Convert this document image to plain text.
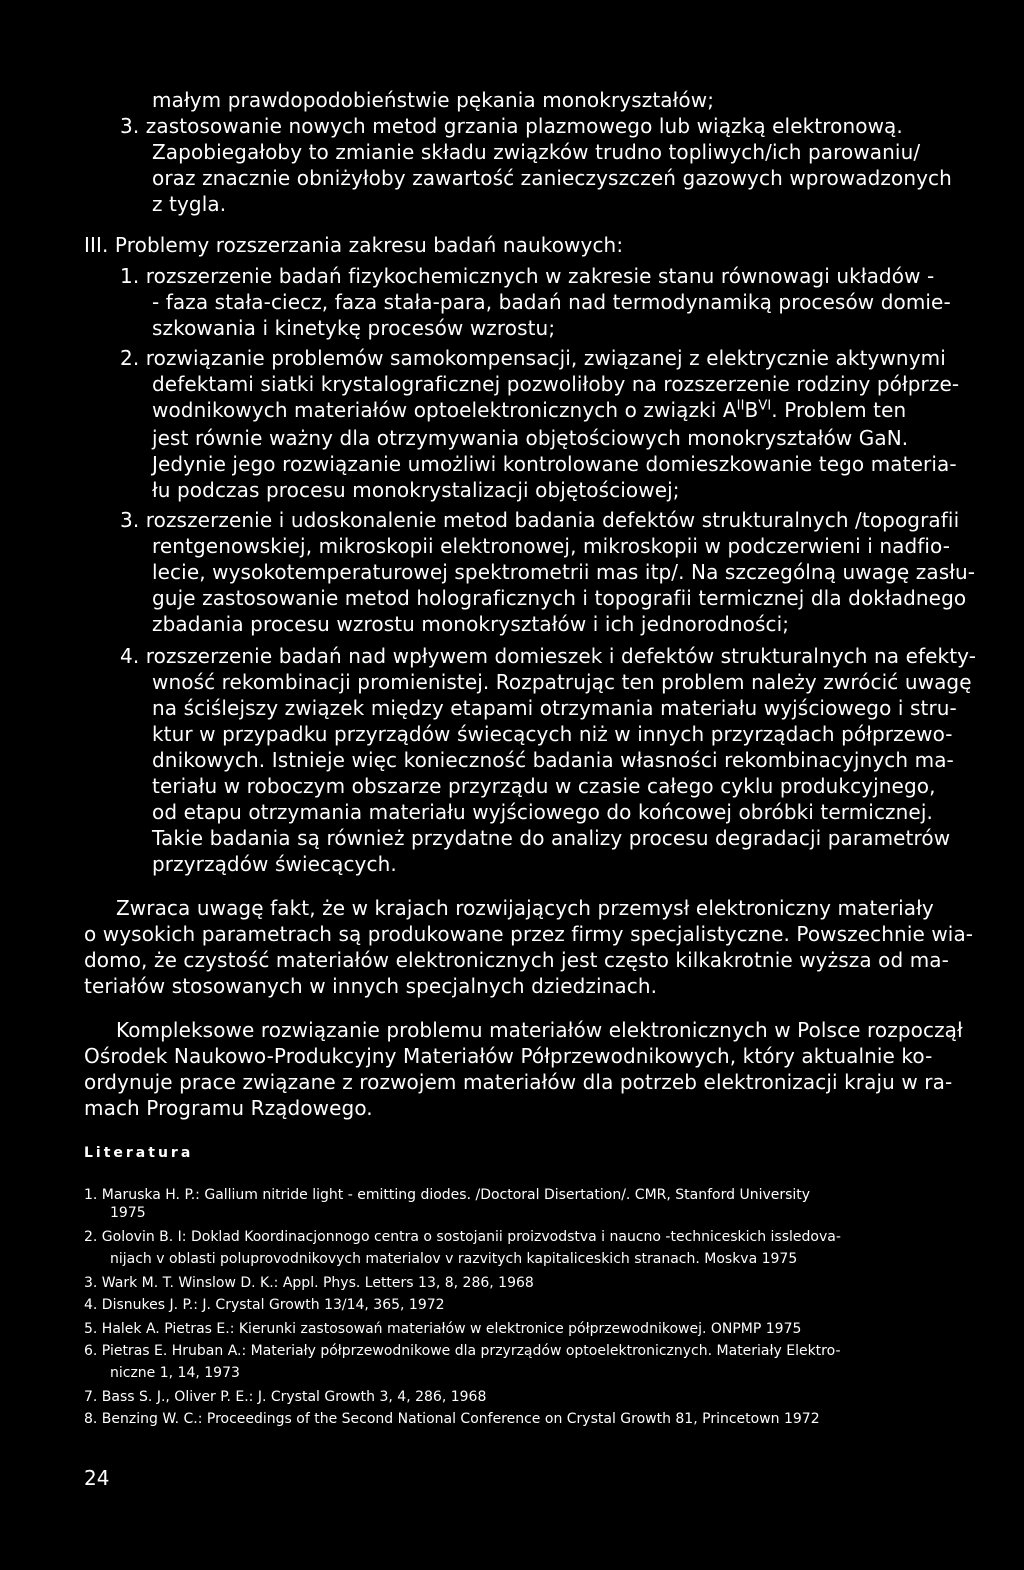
małym prawdopodobieństwie pękania monokryształów;
3. zastosowanie nowych metod grzania plazmowego lub wiązką elektronową.
Zapobiegałoby to zmianie składu związków trudno topliwych/ich parowaniu/
oraz znacznie obniżyłoby zawartość zanieczyszczeń gazowych wprowadzonych
z tygla.
III. Problemy rozszerzania zakresu badań naukowych:
1. rozszerzenie badań fizykochemicznych w zakresie stanu równowagi układów -
- faza stała-ciecz, faza stała-para, badań nad termodynamiką procesów domie-
szkowania i kinetykę procesów wzrostu;
2. rozwiązanie problemów samokompensacji, związanej z elektrycznie aktywnymi
defektami siatki krystalograficznej pozwoliłoby na rozszerzenie rodziny półprze-
wodnikowych materiałów optoelektronicznych o związki $A^{II}B^{VI}$. Problem ten
jest równie ważny dla otrzymywania objętościowych monokryształów GaN.
Jedynie jego rozwiązanie umożliwi kontrolowane domieszkowanie tego materia-
łu podczas procesu monokrystalizacji objętościowej;
3. rozszerzenie i udoskonalenie metod badania defektów strukturalnych /topografii
rentgenowskiej, mikroskopii elektronowej, mikroskopii w podczerwieni i nadfio-
lecie, wysokotemperaturowej spektrometrii mas itp/. Na szczególną uwagę zasłu-
guje zastosowanie metod holograficznych i topografii termicznej dla dokładnego
zbadania procesu wzrostu monokryształów i ich jednorodności;
4. rozszerzenie badań nad wpływem domieszek i defektów strukturalnych na efekty-
wność rekombinacji promienistej. Rozpatrując ten problem należy zwrócić uwagę
na ściślejszy związek między etapami otrzymania materiału wyjściowego i stru-
ktur w przypadku przyrządów świecących niż w innych przyrządach półprzewo-
dnikowych. Istnieje więc konieczność badania własności rekombinacyjnych ma-
teriału w roboczym obszarze przyrządu w czasie całego cyklu produkcyjnego,
od etapu otrzymania materiału wyjściowego do końcowej obróbki termicznej.
Takie badania są również przydatne do analizy procesu degradacji parametrów
przyrządów świecących.
Zwraca uwagę fakt, że w krajach rozwijających przemysł elektroniczny materiały
o wysokich parametrach są produkowane przez firmy specjalistyczne. Powszechnie wia-
domo, że czystość materiałów elektronicznych jest często kilkakrotnie wyższa od ma-
teriałów stosowanych w innych specjalnych dziedzinach.
Kompleksowe rozwiązanie problemu materiałów elektronicznych w Polsce rozpoczął
Ośrodek Naukowo-Produkcyjny Materiałów Półprzewodnikowych, który aktualnie ko-
ordynuje prace związane z rozwojem materiałów dla potrzeb elektronizacji kraju w ra-
mach Programu Rządowego.
Literatura
1. Maruska H. P.: Gallium nitride light - emitting diodes. /Doctoral Disertation/. CMR, Stanford University
1975
2. Golovin B. I: Doklad Koordinacjonnogo centra o sostojanii proizvodstva i naucno -techniceskich issledova-
nijach v oblasti poluprovodnikovych materialov v razvitych kapitaliceskich stranach. Moskva 1975
3. Wark M. T. Winslow D. K.: Appl. Phys. Letters 13, 8, 286, 1968
4. Disnukes J. P.: J. Crystal Growth 13/14, 365, 1972
5. Halek A. Pietras E.: Kierunki zastosowań materiałów w elektronice półprzewodnikowej. ONPMP 1975
6. Pietras E. Hruban A.: Materiały półprzewodnikowe dla przyrządów optoelektronicznych. Materiały Elektro-
niczne 1, 14, 1973
7. Bass S. J., Oliver P. E.: J. Crystal Growth 3, 4, 286, 1968
8. Benzing W. C.: Proceedings of the Second National Conference on Crystal Growth 81, Princetown 1972
24
